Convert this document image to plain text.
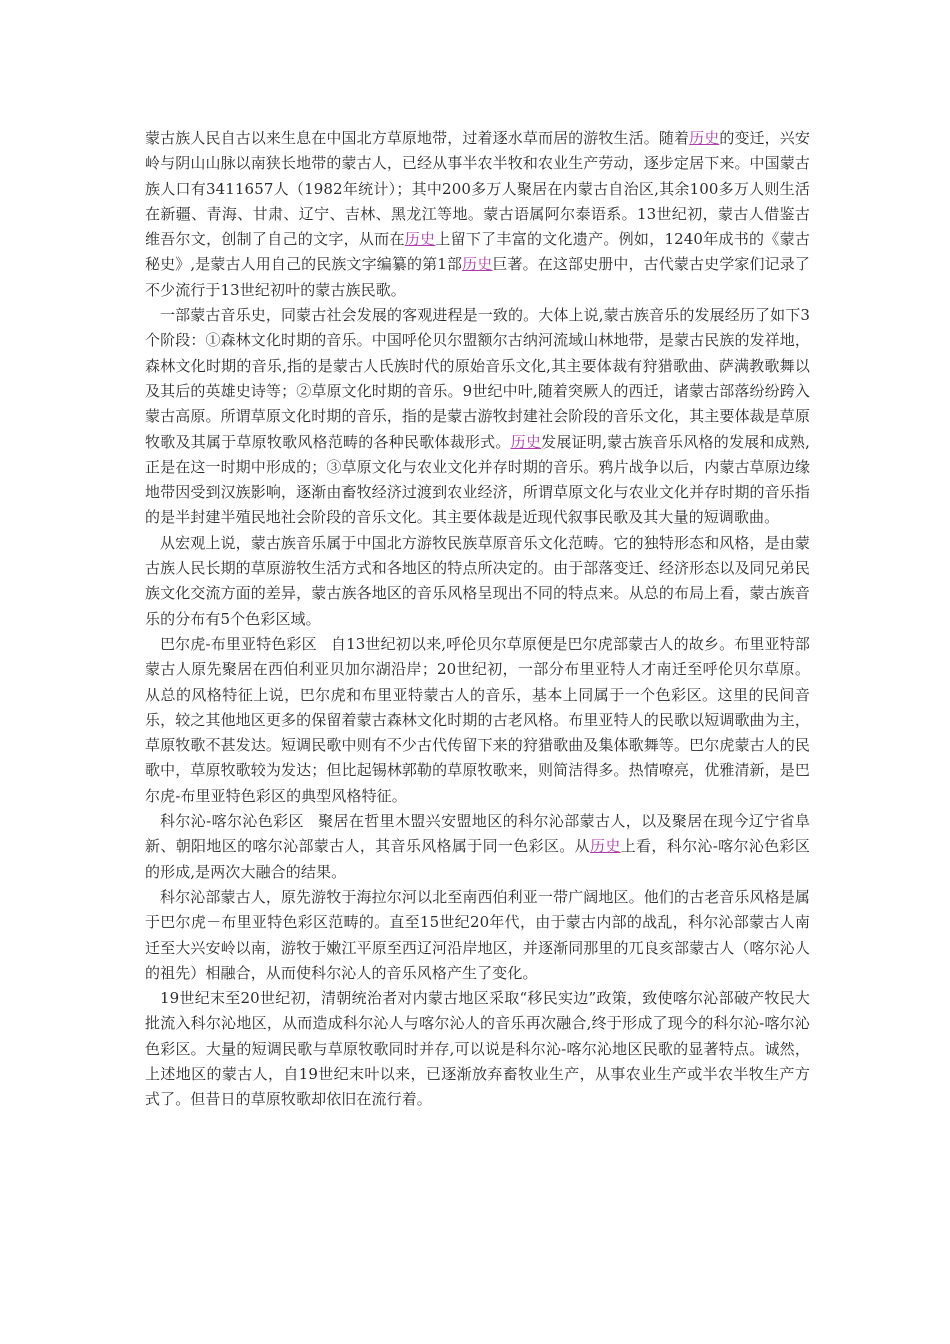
蒙古族人民自古以来生息在中国北方草原地带，过着逐水草而居的游牧生活。随着历史的变迁，兴安岭与阴山山脉以南狭长地带的蒙古人，已经从事半农半牧和农业生产劳动，逐步定居下来。中国蒙古族人口有3411657人（1982年统计）；其中200多万人聚居在内蒙古自治区,其余100多万人则生活在新疆、青海、甘肃、辽宁、吉林、黑龙江等地。蒙古语属阿尔泰语系。13世纪初，蒙古人借鉴古维吾尔文，创制了自己的文字，从而在历史上留下了丰富的文化遗产。例如，1240年成书的《蒙古秘史》,是蒙古人用自己的民族文字编纂的第1部历史巨著。在这部史册中，古代蒙古史学家们记录了不少流行于13世纪初叶的蒙古族民歌。

一部蒙古音乐史，同蒙古社会发展的客观进程是一致的。大体上说,蒙古族音乐的发展经历了如下3个阶段：①森林文化时期的音乐。中国呼伦贝尔盟额尔古纳河流域山林地带，是蒙古民族的发祥地，森林文化时期的音乐,指的是蒙古人氏族时代的原始音乐文化,其主要体裁有狩猎歌曲、萨满教歌舞以及其后的英雄史诗等；②草原文化时期的音乐。9世纪中叶,随着突厥人的西迁，诸蒙古部落纷纷跨入蒙古高原。所谓草原文化时期的音乐，指的是蒙古游牧封建社会阶段的音乐文化，其主要体裁是草原牧歌及其属于草原牧歌风格范畴的各种民歌体裁形式。历史发展证明,蒙古族音乐风格的发展和成熟,正是在这一时期中形成的；③草原文化与农业文化并存时期的音乐。鸦片战争以后，内蒙古草原边缘地带因受到汉族影响，逐渐由畜牧经济过渡到农业经济，所谓草原文化与农业文化并存时期的音乐指的是半封建半殖民地社会阶段的音乐文化。其主要体裁是近现代叙事民歌及其大量的短调歌曲。

从宏观上说，蒙古族音乐属于中国北方游牧民族草原音乐文化范畴。它的独特形态和风格，是由蒙古族人民长期的草原游牧生活方式和各地区的特点所决定的。由于部落变迁、经济形态以及同兄弟民族文化交流方面的差异，蒙古族各地区的音乐风格呈现出不同的特点来。从总的布局上看，蒙古族音乐的分布有5个色彩区域。

巴尔虎-布里亚特色彩区 自13世纪初以来,呼伦贝尔草原便是巴尔虎部蒙古人的故乡。布里亚特部蒙古人原先聚居在西伯利亚贝加尔湖沿岸；20世纪初，一部分布里亚特人才南迁至呼伦贝尔草原。从总的风格特征上说，巴尔虎和布里亚特蒙古人的音乐，基本上同属于一个色彩区。这里的民间音乐，较之其他地区更多的保留着蒙古森林文化时期的古老风格。布里亚特人的民歌以短调歌曲为主，草原牧歌不甚发达。短调民歌中则有不少古代传留下来的狩猎歌曲及集体歌舞等。巴尔虎蒙古人的民歌中，草原牧歌较为发达；但比起锡林郭勒的草原牧歌来，则简洁得多。热情嘹亮，优雅清新，是巴尔虎-布里亚特色彩区的典型风格特征。

科尔沁-喀尔沁色彩区 聚居在哲里木盟兴安盟地区的科尔沁部蒙古人，以及聚居在现今辽宁省阜新、朝阳地区的喀尔沁部蒙古人，其音乐风格属于同一色彩区。从历史上看，科尔沁-喀尔沁色彩区的形成,是两次大融合的结果。

科尔沁部蒙古人，原先游牧于海拉尔河以北至南西伯利亚一带广阔地区。他们的古老音乐风格是属于巴尔虎－布里亚特色彩区范畴的。直至15世纪20年代，由于蒙古内部的战乱，科尔沁部蒙古人南迁至大兴安岭以南，游牧于嫩江平原至西辽河沿岸地区，并逐渐同那里的兀良亥部蒙古人（喀尔沁人的祖先）相融合，从而使科尔沁人的音乐风格产生了变化。

19世纪末至20世纪初，清朝统治者对内蒙古地区采取“移民实边”政策，致使喀尔沁部破产牧民大批流入科尔沁地区，从而造成科尔沁人与喀尔沁人的音乐再次融合,终于形成了现今的科尔沁-喀尔沁色彩区。大量的短调民歌与草原牧歌同时并存,可以说是科尔沁-喀尔沁地区民歌的显著特点。诚然，上述地区的蒙古人，自19世纪末叶以来，已逐渐放弃畜牧业生产，从事农业生产或半农半牧生产方式了。但昔日的草原牧歌却依旧在流行着。
